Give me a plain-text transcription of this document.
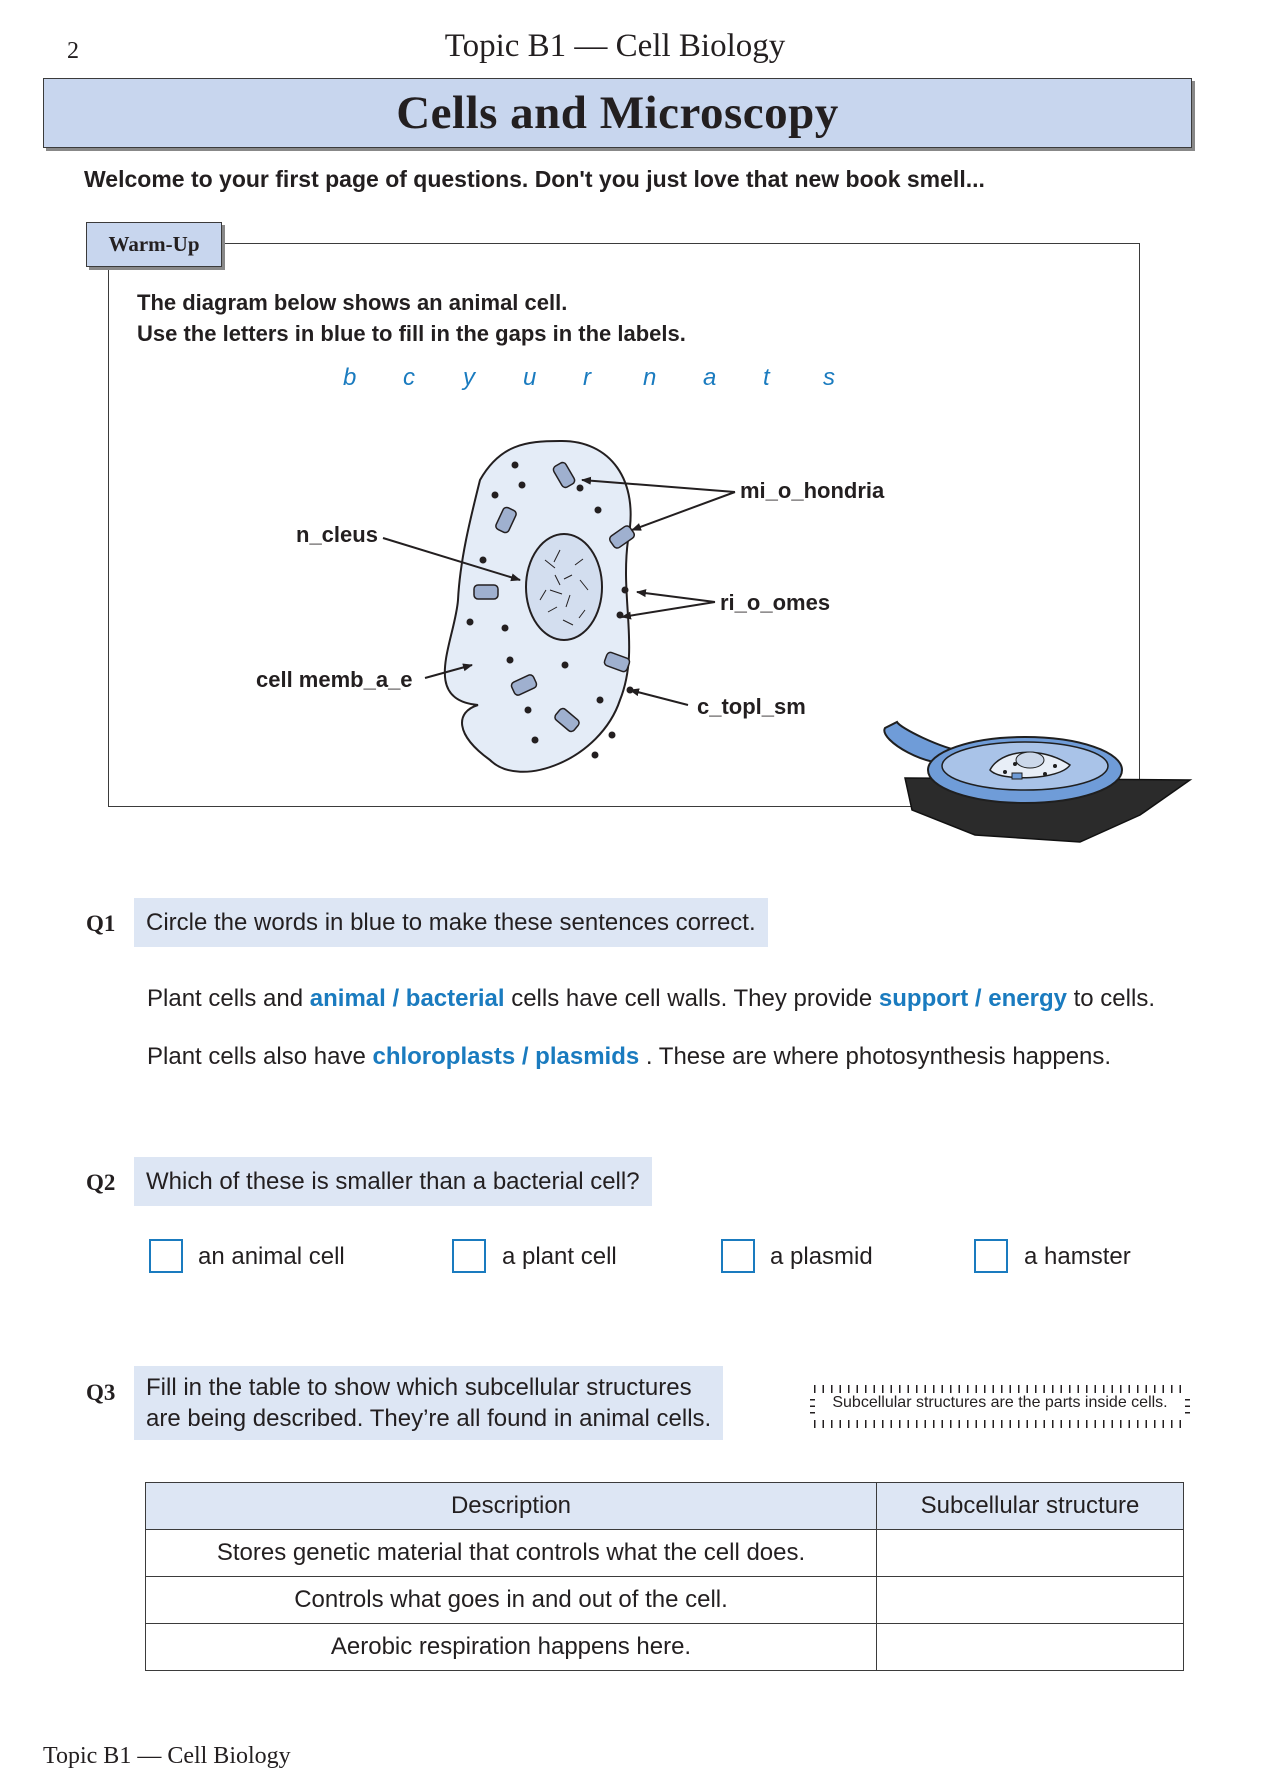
2	Topic B1 — Cell Biology
Cells and Microscopy
Welcome to your first page of questions. Don't you just love that new book smell...
Warm-Up
The diagram below shows an animal cell.
Use the letters in blue to fill in the gaps in the labels.
b c y u r n a t s
mi_o_hondria
n_cleus
ri_o_omes
cell memb_a_e
c_topl_sm
Q1	Circle the words in blue to make these sentences correct.
Plant cells and animal / bacterial cells have cell walls. They provide support / energy to cells.
Plant cells also have chloroplasts / plasmids . These are where photosynthesis happens.
Q2	Which of these is smaller than a bacterial cell?
an animal cell	a plant cell	a plasmid	a hamster
Q3 Fill in the table to show which subcellular structures
are being described. They’re all found in animal cells.
Subcellular structures are the parts inside cells.
Description	Subcellular structure
Stores genetic material that controls what the cell does.	
Controls what goes in and out of the cell.	
Aerobic respiration happens here.	
Topic B1 — Cell Biology
